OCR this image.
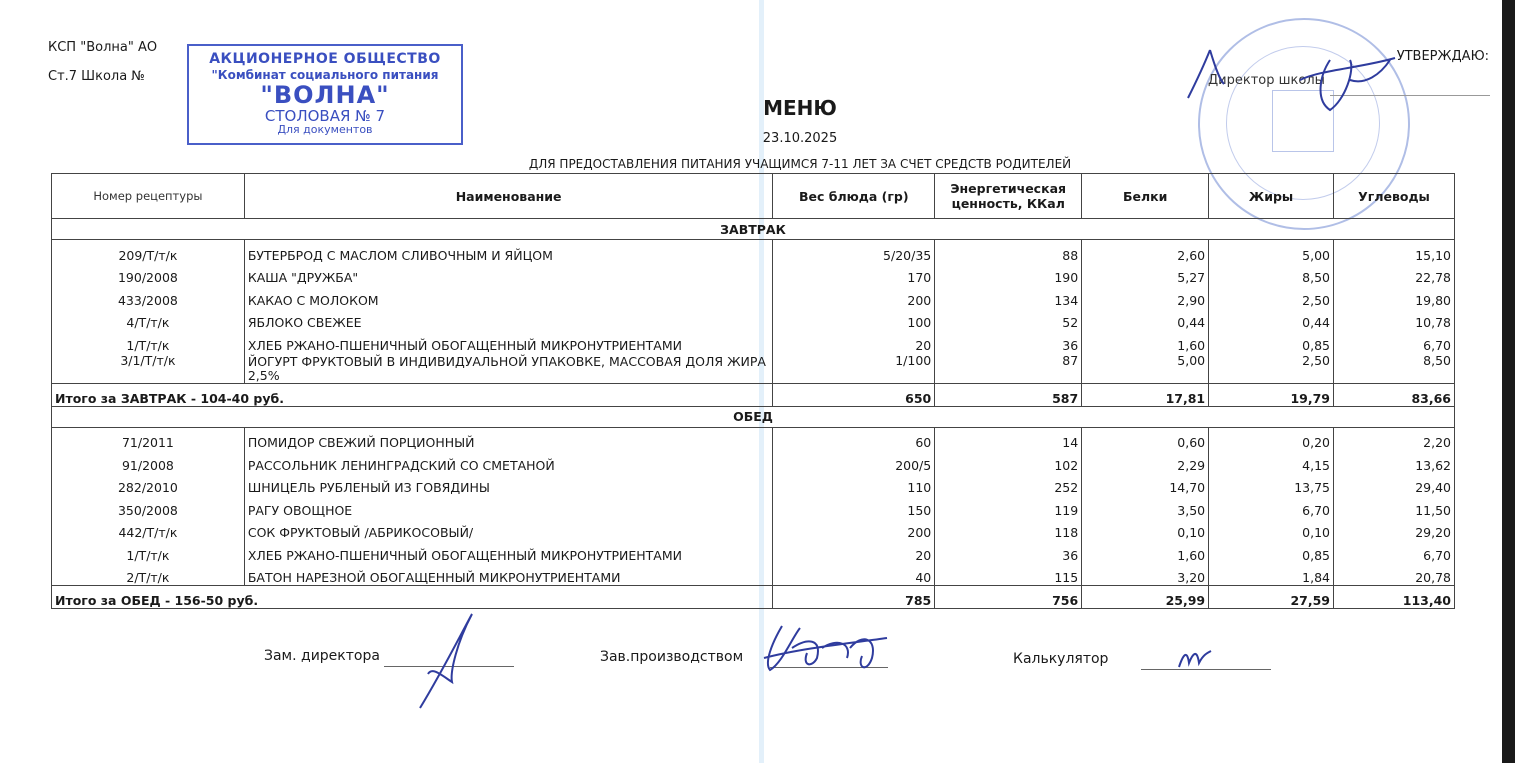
КСП "Волна" АО
Ст.7 Школа №
АКЦИОНЕРНОЕ ОБЩЕСТВО
"Комбинат социального питания
"ВОЛНА"
СТОЛОВАЯ № 7
Для документов
УТВЕРЖДАЮ:
Директор школы
МЕНЮ
23.10.2025
ДЛЯ ПРЕДОСТАВЛЕНИЯ ПИТАНИЯ УЧАЩИМСЯ 7-11 ЛЕТ ЗА СЧЕТ СРЕДСТВ РОДИТЕЛЕЙ
Номер рецептуры	Наименование	Вес блюда (гр)	Энергетическая ценность, ККал	Белки	Жиры	Углеводы
ЗАВТРАК						
209/Т/т/к	БУТЕРБРОД С МАСЛОМ СЛИВОЧНЫМ И ЯЙЦОМ	5/20/35	88	2,60	5,00	15,10
190/2008	КАША "ДРУЖБА"	170	190	5,27	8,50	22,78
433/2008	КАКАО С МОЛОКОМ	200	134	2,90	2,50	19,80
4/Т/т/к	ЯБЛОКО СВЕЖЕЕ	100	52	0,44	0,44	10,78
1/Т/т/к	ХЛЕБ РЖАНО-ПШЕНИЧНЫЙ ОБОГАЩЕННЫЙ МИКРОНУТРИЕНТАМИ	20	36	1,60	0,85	6,70
3/1/Т/т/к	ЙОГУРТ ФРУКТОВЫЙ В ИНДИВИДУАЛЬНОЙ УПАКОВКЕ, МАССОВАЯ ДОЛЯ ЖИРА 2,5%	1/100	87	5,00	2,50	8,50
Итого за ЗАВТРАК - 104-40 руб.		650	587	17,81	19,79	83,66
ОБЕД						
71/2011	ПОМИДОР СВЕЖИЙ ПОРЦИОННЫЙ	60	14	0,60	0,20	2,20
91/2008	РАССОЛЬНИК ЛЕНИНГРАДСКИЙ СО СМЕТАНОЙ	200/5	102	2,29	4,15	13,62
282/2010	ШНИЦЕЛЬ РУБЛЕНЫЙ ИЗ ГОВЯДИНЫ	110	252	14,70	13,75	29,40
350/2008	РАГУ ОВОЩНОЕ	150	119	3,50	6,70	11,50
442/Т/т/к	СОК ФРУКТОВЫЙ /АБРИКОСОВЫЙ/	200	118	0,10	0,10	29,20
1/Т/т/к	ХЛЕБ РЖАНО-ПШЕНИЧНЫЙ ОБОГАЩЕННЫЙ МИКРОНУТРИЕНТАМИ	20	36	1,60	0,85	6,70
2/Т/т/к	БАТОН НАРЕЗНОЙ ОБОГАЩЕННЫЙ МИКРОНУТРИЕНТАМИ	40	115	3,20	1,84	20,78
Итого за ОБЕД - 156-50 руб.		785	756	25,99	27,59	113,40
Зам. директора	Зав.производством	Калькулятор
